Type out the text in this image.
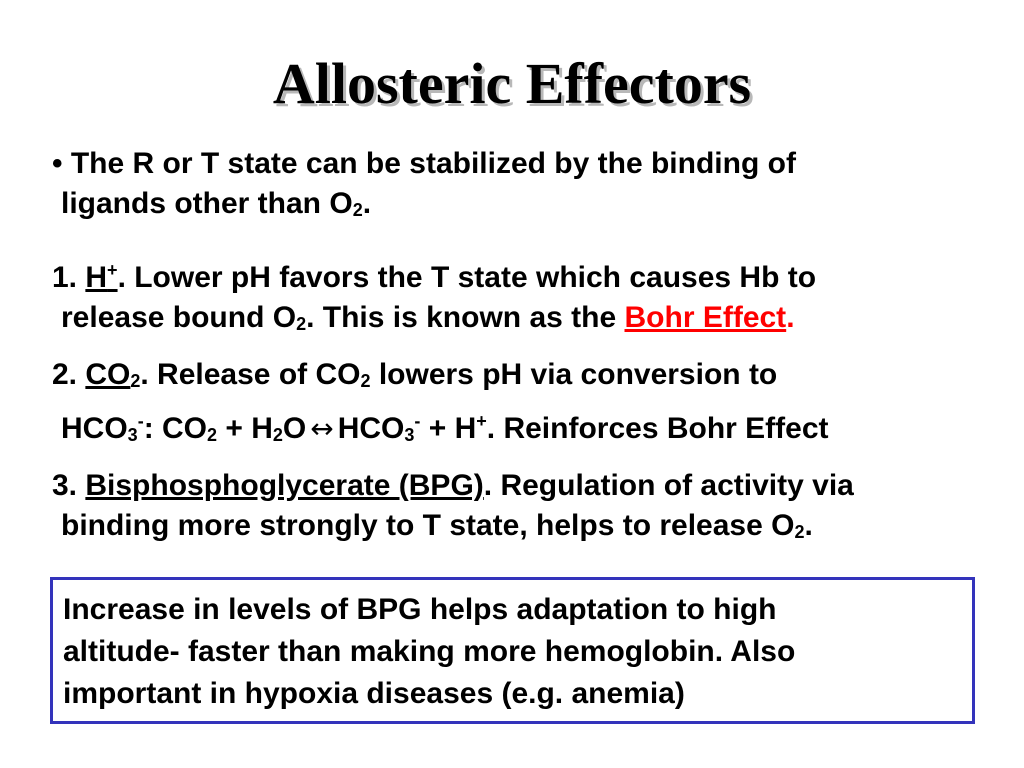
Allosteric Effectors
• The R or T state can be stabilized by the binding of
ligands other than O2.
1. H+. Lower pH favors the T state which causes Hb to
release bound O2. This is known as the Bohr Effect.
2. CO2. Release of CO2 lowers pH via conversion to
HCO3-: CO2 + H2O ↔ HCO3- + H+. Reinforces Bohr Effect
3. Bisphosphoglycerate (BPG). Regulation of activity via
binding more strongly to T state, helps to release O2.
Increase in levels of BPG helps adaptation to high
altitude- faster than making more hemoglobin. Also
important in hypoxia diseases (e.g. anemia)
